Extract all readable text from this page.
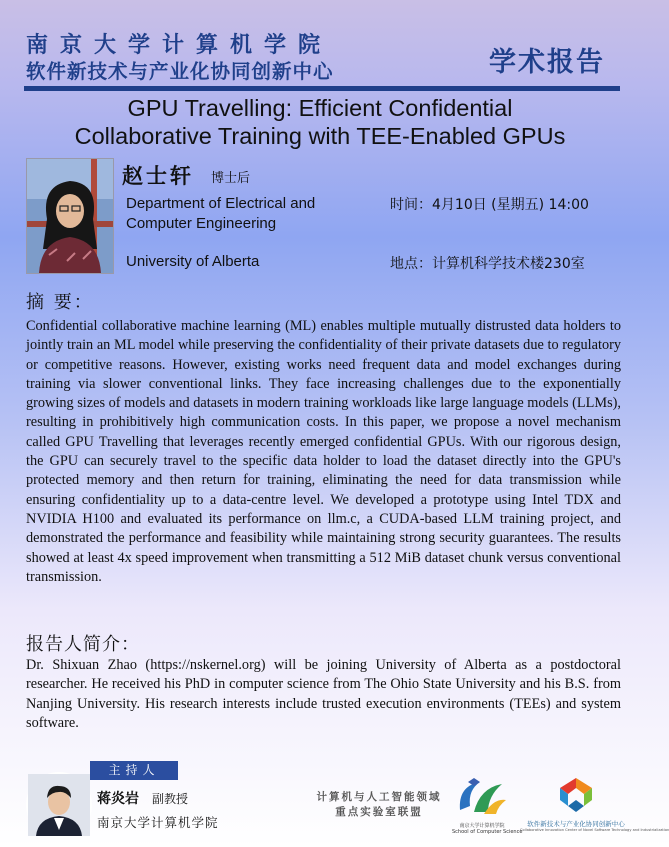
南京大学计算机学院
软件新技术与产业化协同创新中心	学术报告
GPU Travelling: Efficient Confidential
Collaborative Training with TEE-Enabled GPUs
赵士轩 博士后
Department of Electrical and Computer Engineering
University of Alberta
时间：4月10日 (星期五) 14:00
地点：计算机科学技术楼230室
摘 要：
Confidential collaborative machine learning (ML) enables multiple mutually distrusted data holders to jointly train an ML model while preserving the confidentiality of their private datasets due to regulatory or competitive reasons. However, existing works need frequent data and model exchanges during training via slower conventional links. They face increasing challenges due to the exponentially growing sizes of models and datasets in modern training workloads like large language models (LLMs), resulting in prohibitively high communication costs. In this paper, we propose a novel mechanism called GPU Travelling that leverages recently emerged confidential GPUs. With our rigorous design, the GPU can securely travel to the specific data holder to load the dataset directly into the GPU's protected memory and then return for training, eliminating the need for data transmission while ensuring confidentiality up to a data-centre level. We developed a prototype using Intel TDX and NVIDIA H100 and evaluated its performance on llm.c, a CUDA-based LLM training project, and demonstrated the performance and feasibility while maintaining strong security guarantees. The results showed at least 4x speed improvement when transmitting a 512 MiB dataset chunk versus conventional transmission.
报告人简介：
Dr. Shixuan Zhao (https://nskernel.org) will be joining University of Alberta as a postdoctoral researcher. He received his PhD in computer science from The Ohio State University and his B.S. from Nanjing University. His research interests include trusted execution environments (TEEs) and system software.
主持人
蒋炎岩 副教授
南京大学计算机学院
计算机与人工智能领域
重点实验室联盟
南京大学计算机学院
School of Computer Science
软件新技术与产业化协同创新中心
Collaborative Innovation Center of Novel Software Technology and Industrialization
